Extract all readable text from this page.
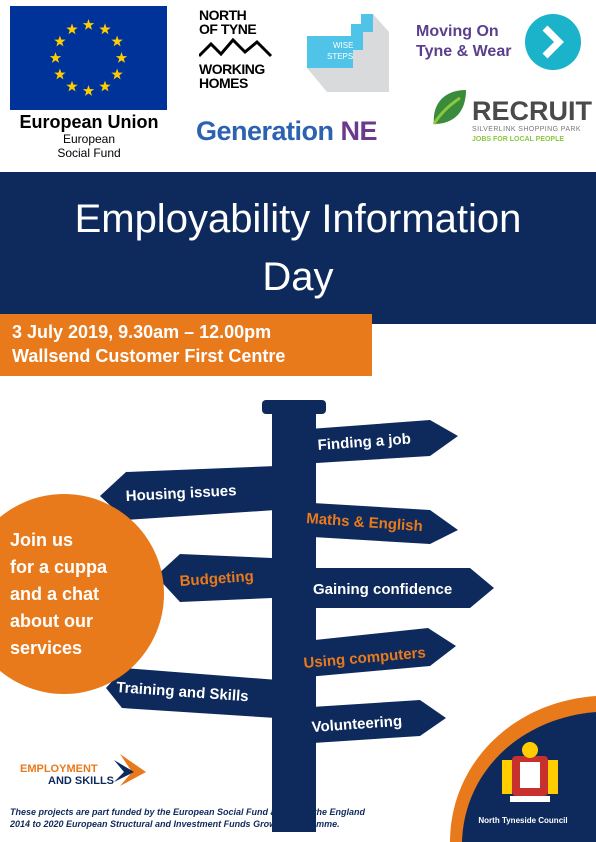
European Union
European
Social Fund
NORTH
OF TYNE
WORKING
HOMES
WISE
STEPS
Moving On
Tyne & Wear
Generation NE
RECRUIT
SILVERLINK SHOPPING PARK
JOBS FOR LOCAL PEOPLE
Employability Information
Day
3 July 2019, 9.30am – 12.00pm
Wallsend Customer First Centre
Finding a job
Housing issues
Maths & English
Budgeting	Gaining confidence
Using computers
Training and Skills
Volunteering
Join us
for a cuppa
and a chat
about our
services
EMPLOYMENT
AND SKILLS
These projects are part funded by the European Social Fund as part of the England
2014 to 2020 European Structural and Investment Funds Growth Programme.	North Tyneside Council
